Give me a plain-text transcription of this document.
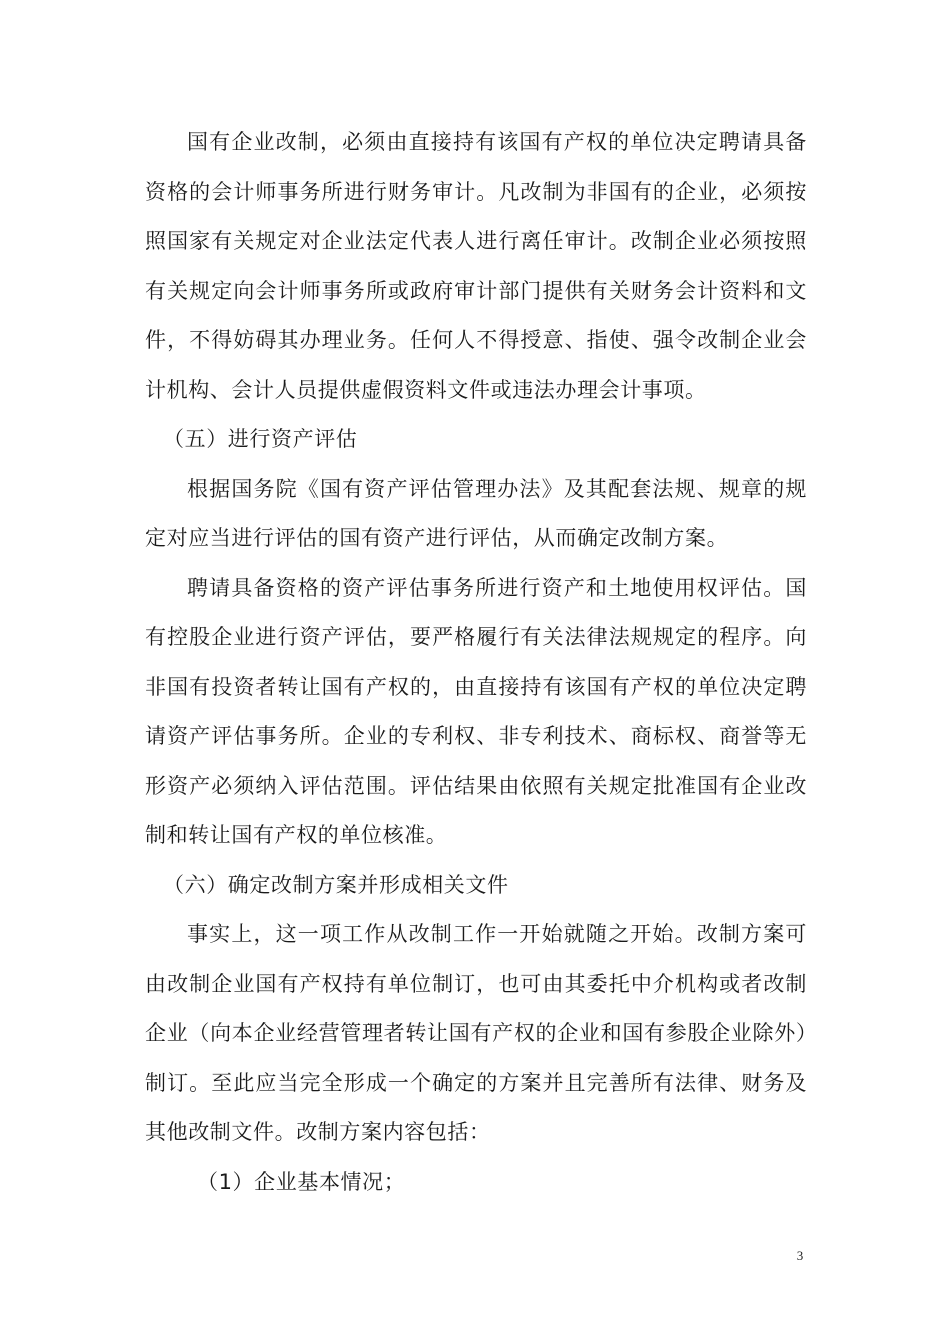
国有企业改制，必须由直接持有该国有产权的单位决定聘请具备资格的会计师事务所进行财务审计。凡改制为非国有的企业，必须按照国家有关规定对企业法定代表人进行离任审计。改制企业必须按照有关规定向会计师事务所或政府审计部门提供有关财务会计资料和文件，不得妨碍其办理业务。任何人不得授意、指使、强令改制企业会计机构、会计人员提供虚假资料文件或违法办理会计事项。

（五）进行资产评估

根据国务院《国有资产评估管理办法》及其配套法规、规章的规定对应当进行评估的国有资产进行评估，从而确定改制方案。

聘请具备资格的资产评估事务所进行资产和土地使用权评估。国有控股企业进行资产评估，要严格履行有关法律法规规定的程序。向非国有投资者转让国有产权的，由直接持有该国有产权的单位决定聘请资产评估事务所。企业的专利权、非专利技术、商标权、商誉等无形资产必须纳入评估范围。评估结果由依照有关规定批准国有企业改制和转让国有产权的单位核准。

（六）确定改制方案并形成相关文件

事实上，这一项工作从改制工作一开始就随之开始。改制方案可由改制企业国有产权持有单位制订，也可由其委托中介机构或者改制企业（向本企业经营管理者转让国有产权的企业和国有参股企业除外）制订。至此应当完全形成一个确定的方案并且完善所有法律、财务及其他改制文件。改制方案内容包括：

（1）企业基本情况；

3
